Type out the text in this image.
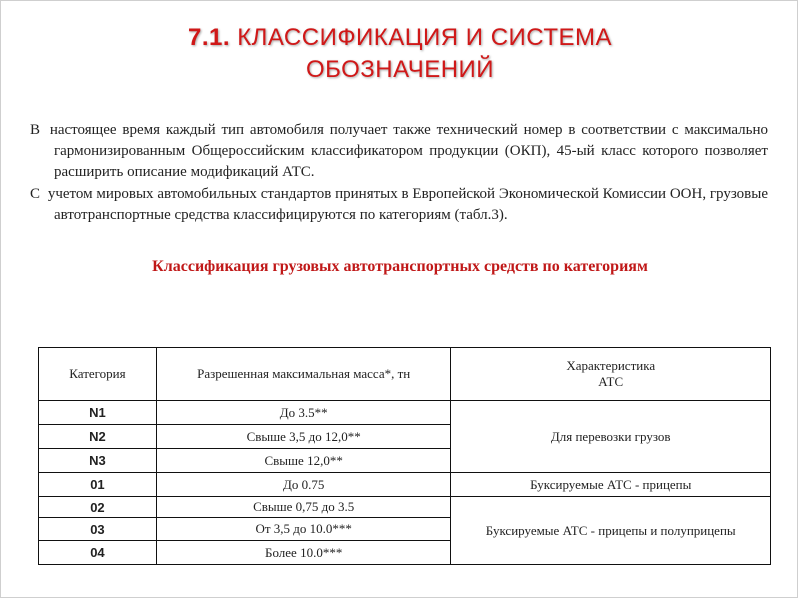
7.1. КЛАССИФИКАЦИЯ И СИСТЕМА
ОБОЗНАЧЕНИЙ
В настоящее время каждый тип автомобиля получает также технический номер в соответствии с максимально гармонизированным Общероссийским классификатором продукции (ОКП), 45-ый класс которого позволяет расширить описание модификаций АТС.
С учетом мировых автомобильных стандартов принятых в Европейской Экономической Комиссии ООН, грузовые автотранспортные средства классифицируются по категориям (табл.3).
Классификация грузовых автотранспортных средств по категориям
Категория	Разрешенная максимальная масса*, тн	Характеристика
АТС

N1	До 3.5**	Для перевозки грузов
N2	Свыше 3,5 до 12,0**	
N3	Свыше 12,0**	
01	До 0.75	Буксируемые АТС - прицепы
02	Свыше 0,75 до 3.5	Буксируемые АТС - прицепы и полуприцепы
03	От 3,5 до 10.0***	
04	Более 10.0***	
